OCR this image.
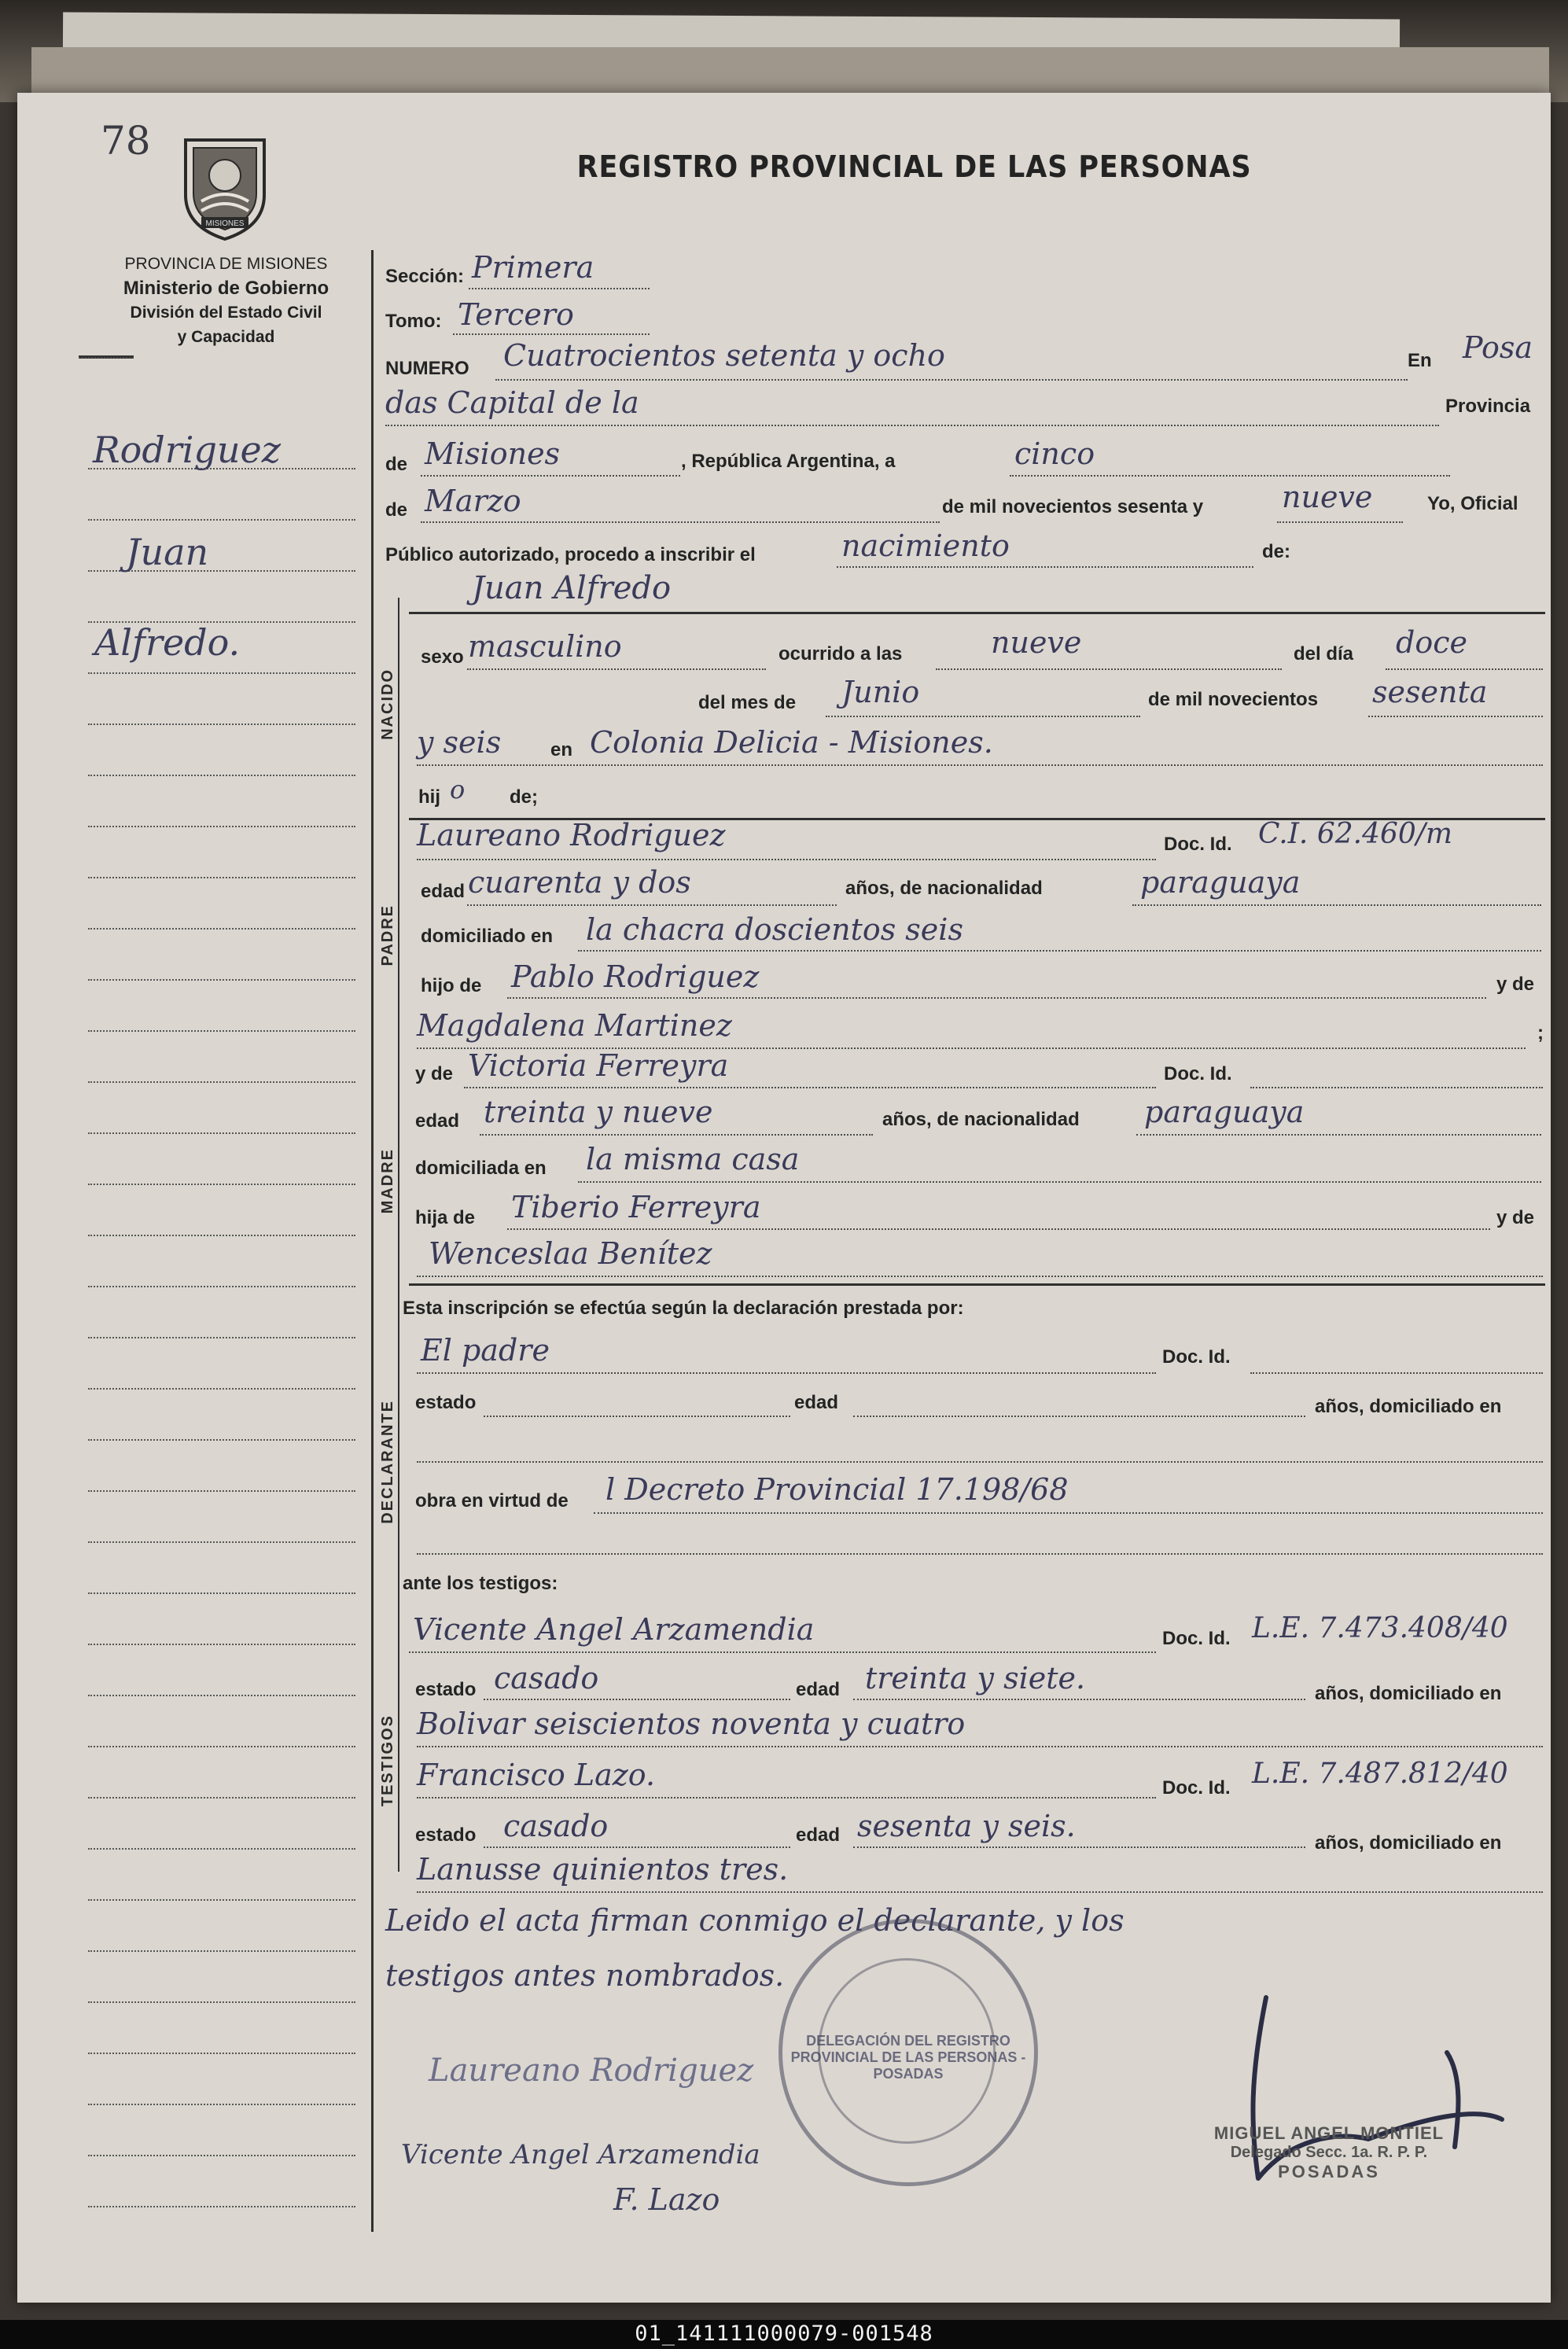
78
MISIONES
REGISTRO PROVINCIAL DE LAS PERSONAS
PROVINCIA DE MISIONES
Ministerio de Gobierno
División del Estado Civil
y Capacidad
Rodriguez
Juan
Alfredo.
Sección: Primera
Tomo: Tercero
NUMERO Cuatrocientos setenta y ocho	En Posa
das Capital de la	Provincia
de Misiones	, República Argentina, a	cinco
de Marzo	de mil novecientos sesenta y	nueve	Yo, Oficial
Público autorizado, procedo a inscribir el	nacimiento	de:
Juan Alfredo
NACIDO
sexo masculino	ocurrido a las	nueve	del día doce
del mes de Junio	de mil novecientos sesenta
y seis	en Colonia Delicia - Misiones.
hij o de;
PADRE
Laureano Rodriguez	Doc. Id. C.I. 62.460/m
edad cuarenta y dos	años, de nacionalidad	paraguaya
domiciliado en la chacra doscientos seis
hijo de Pablo Rodriguez	y de
Magdalena Martinez	;
MADRE
y de Victoria Ferreyra	Doc. Id.
edad treinta y nueve	años, de nacionalidad paraguaya
domiciliada en la misma casa
hija de Tiberio Ferreyra	y de
Wenceslaa Benítez
Esta inscripción se efectúa según la declaración prestada por:
DECLARANTE
El padre	Doc. Id.
estado	edad	años, domiciliado en
obra en virtud de l Decreto Provincial 17.198/68
ante los testigos:
TESTIGOS
Vicente Angel Arzamendia	Doc. Id. L.E. 7.473.408/40
estado casado	edad treinta y siete.	años, domiciliado en
Bolivar seiscientos noventa y cuatro
Francisco Lazo.	Doc. Id. L.E. 7.487.812/40
estado casado	edad sesenta y seis.	años, domiciliado en
Lanusse quinientos tres.
Leido el acta firman conmigo el declarante, y los
testigos antes nombrados.
Laureano Rodriguez
Vicente Angel Arzamendia
F. Lazo
DELEGACIÓN DEL REGISTRO PROVINCIAL DE LAS PERSONAS - POSADAS
MIGUEL ANGEL MONTIEL
Delegado Secc. 1a. R. P. P.
POSADAS
01_141111000079-001548
